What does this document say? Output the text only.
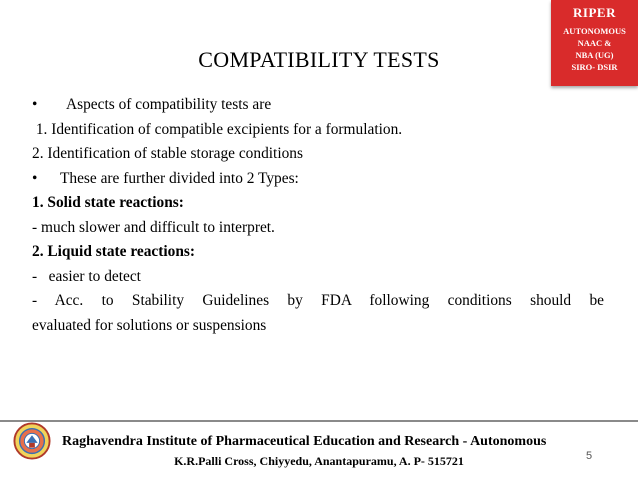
RIPER
AUTONOMOUS
NAAC &
NBA (UG)
SIRO- DSIR
COMPATIBILITY TESTS
•	Aspects of compatibility tests are
1. Identification of compatible excipients for a formulation.
2. Identification of stable storage conditions
•	These are further divided into 2 Types:
1. Solid state reactions:
- much slower and difficult to interpret.
2. Liquid state reactions:
-   easier to detect
- Acc. to Stability Guidelines by FDA following conditions should be
evaluated for solutions or suspensions
Raghavendra Institute of Pharmaceutical Education and Research - Autonomous
K.R.Palli Cross, Chiyyedu, Anantapuramu, A. P- 515721	5
